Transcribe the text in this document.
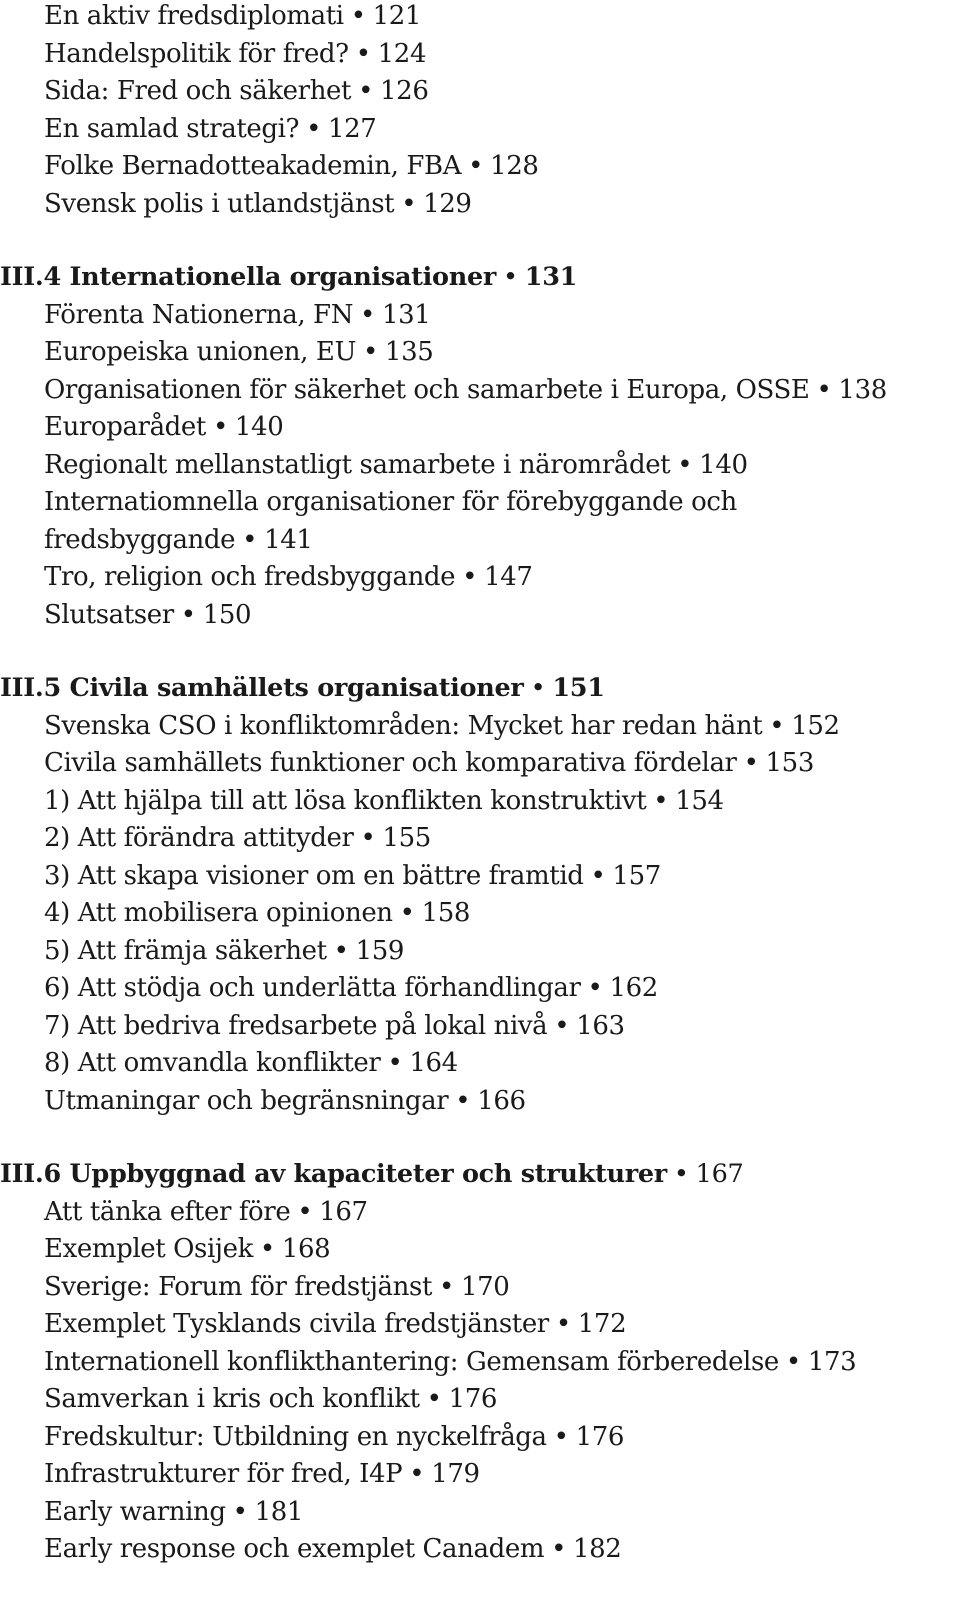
En aktiv fredsdiplomati • 121
Handelspolitik för fred? • 124
Sida: Fred och säkerhet • 126
En samlad strategi? • 127
Folke Bernadotteakademin, FBA • 128
Svensk polis i utlandstjänst • 129
III.4 Internationella organisationer • 131
Förenta Nationerna, FN • 131
Europeiska unionen, EU • 135
Organisationen för säkerhet och samarbete i Europa, OSSE • 138
Europarådet • 140
Regionalt mellanstatligt samarbete i närområdet • 140
Internatiomnella organisationer för förebyggande och
fredsbyggande • 141
Tro, religion och fredsbyggande • 147
Slutsatser • 150
III.5 Civila samhällets organisationer • 151
Svenska CSO i konfliktområden: Mycket har redan hänt • 152
Civila samhällets funktioner och komparativa fördelar • 153
1) Att hjälpa till att lösa konflikten konstruktivt • 154
2) Att förändra attityder • 155
3) Att skapa visioner om en bättre framtid • 157
4) Att mobilisera opinionen • 158
5) Att främja säkerhet • 159
6) Att stödja och underlätta förhandlingar • 162
7) Att bedriva fredsarbete på lokal nivå • 163
8) Att omvandla konflikter • 164
Utmaningar och begränsningar • 166
III.6 Uppbyggnad av kapaciteter och strukturer • 167
Att tänka efter före • 167
Exemplet Osijek • 168
Sverige: Forum för fredstjänst • 170
Exemplet Tysklands civila fredstjänster • 172
Internationell konflikthantering: Gemensam förberedelse • 173
Samverkan i kris och konflikt • 176
Fredskultur: Utbildning en nyckelfråga • 176
Infrastrukturer för fred, I4P • 179
Early warning • 181
Early response och exemplet Canadem • 182
